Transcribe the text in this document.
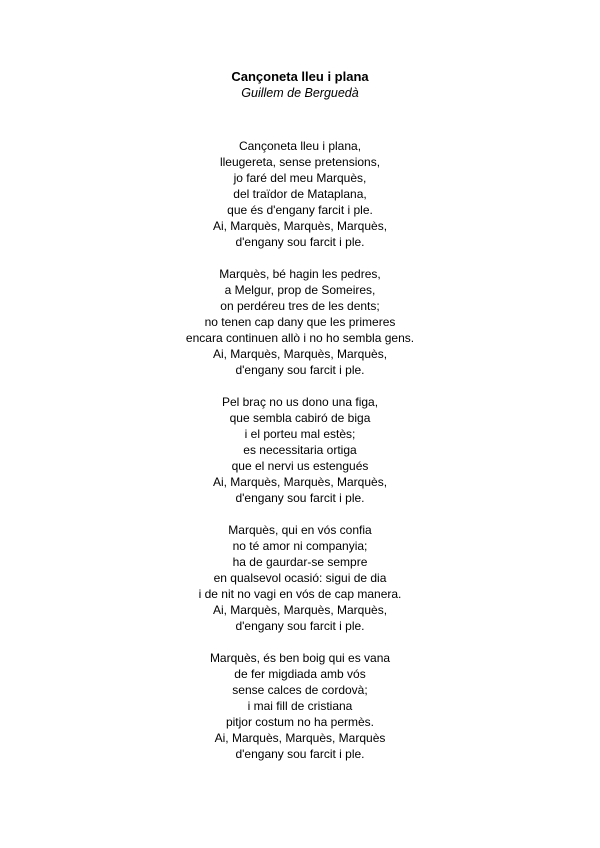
Cançoneta lleu i plana

Guillem de Berguedà

Cançoneta lleu i plana,
lleugereta, sense pretensions,
jo faré del meu Marquès,
del traïdor de Mataplana,
que és d'engany farcit i ple.
Ai, Marquès, Marquès, Marquès,
d'engany sou farcit i ple.
Marquès, bé hagin les pedres,
a Melgur, prop de Someires,
on perdéreu tres de les dents;
no tenen cap dany que les primeres
encara continuen allò i no ho sembla gens.
Ai, Marquès, Marquès, Marquès,
d'engany sou farcit i ple.
Pel braç no us dono una figa,
que sembla cabiró de biga
i el porteu mal estès;
es necessitaria ortiga
que el nervi us estengués
Ai, Marquès, Marquès, Marquès,
d'engany sou farcit i ple.
Marquès, qui en vós confia
no té amor ni companyia;
ha de gaurdar-se sempre
en qualsevol ocasió: sigui de dia
i de nit no vagi en vós de cap manera.
Ai, Marquès, Marquès, Marquès,
d'engany sou farcit i ple.
Marquès, és ben boig qui es vana
de fer migdiada amb vós
sense calces de cordovà;
i mai fill de cristiana
pitjor costum no ha permès.
Ai, Marquès, Marquès, Marquès
d'engany sou farcit i ple.
